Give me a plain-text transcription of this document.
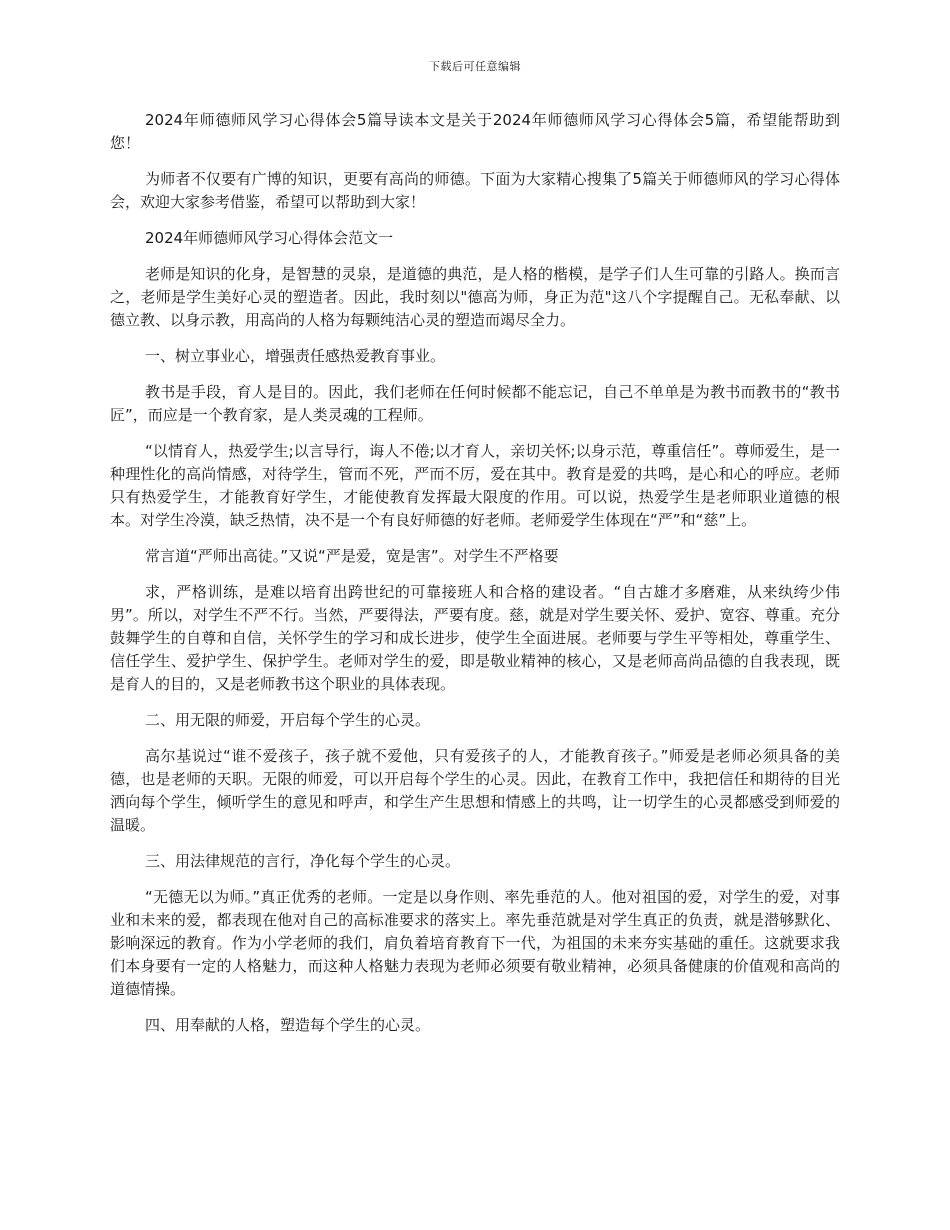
下载后可任意编辑

2024年师德师风学习心得体会5篇导读本文是关于2024年师德师风学习心得体会5篇，希望能帮助到您！

为师者不仅要有广博的知识，更要有高尚的师德。下面为大家精心搜集了5篇关于师德师风的学习心得体会，欢迎大家参考借鉴，希望可以帮助到大家！

2024年师德师风学习心得体会范文一

老师是知识的化身，是智慧的灵泉，是道德的典范，是人格的楷模，是学子们人生可靠的引路人。换而言之，老师是学生美好心灵的塑造者。因此，我时刻以"德高为师，身正为范"这八个字提醒自己。无私奉献、以德立教、以身示教，用高尚的人格为每颗纯洁心灵的塑造而竭尽全力。

一、树立事业心，增强责任感热爱教育事业。

教书是手段，育人是目的。因此，我们老师在任何时候都不能忘记，自己不单单是为教书而教书的“教书匠”，而应是一个教育家，是人类灵魂的工程师。

“以情育人，热爱学生;以言导行，诲人不倦;以才育人，亲切关怀;以身示范，尊重信任”。尊师爱生，是一种理性化的高尚情感，对待学生，管而不死，严而不厉，爱在其中。教育是爱的共鸣，是心和心的呼应。老师只有热爱学生，才能教育好学生，才能使教育发挥最大限度的作用。可以说，热爱学生是老师职业道德的根本。对学生冷漠，缺乏热情，决不是一个有良好师德的好老师。老师爱学生体现在“严”和“慈”上。

常言道“严师出高徒。”又说“严是爱，宽是害”。对学生不严格要

求，严格训练，是难以培育出跨世纪的可靠接班人和合格的建设者。“自古雄才多磨难，从来纨绔少伟男”。所以，对学生不严不行。当然，严要得法，严要有度。慈，就是对学生要关怀、爱护、宽容、尊重。充分鼓舞学生的自尊和自信，关怀学生的学习和成长进步，使学生全面进展。老师要与学生平等相处，尊重学生、信任学生、爱护学生、保护学生。老师对学生的爱，即是敬业精神的核心，又是老师高尚品德的自我表现，既是育人的目的，又是老师教书这个职业的具体表现。

二、用无限的师爱，开启每个学生的心灵。

高尔基说过“谁不爱孩子，孩子就不爱他，只有爱孩子的人，才能教育孩子。”师爱是老师必须具备的美德，也是老师的天职。无限的师爱，可以开启每个学生的心灵。因此，在教育工作中，我把信任和期待的目光洒向每个学生，倾听学生的意见和呼声，和学生产生思想和情感上的共鸣，让一切学生的心灵都感受到师爱的温暖。

三、用法律规范的言行，净化每个学生的心灵。

“无德无以为师。”真正优秀的老师。一定是以身作则、率先垂范的人。他对祖国的爱，对学生的爱，对事业和未来的爱，都表现在他对自己的高标准要求的落实上。率先垂范就是对学生真正的负责，就是潜够默化、影响深远的教育。作为小学老师的我们，肩负着培育教育下一代，为祖国的未来夯实基础的重任。这就要求我们本身要有一定的人格魅力，而这种人格魅力表现为老师必须要有敬业精神，必须具备健康的价值观和高尚的道德情操。

四、用奉献的人格，塑造每个学生的心灵。
